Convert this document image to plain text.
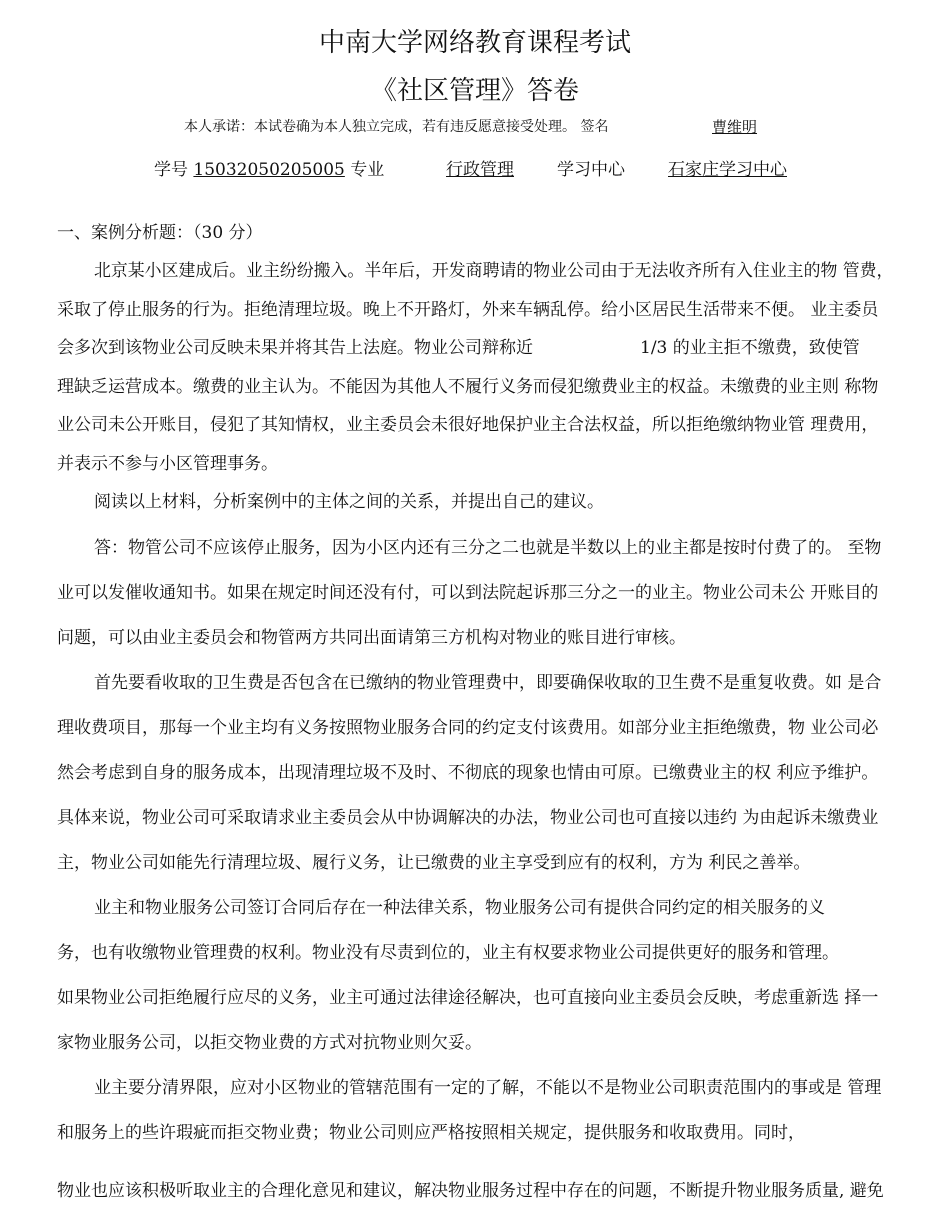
中南大学网络教育课程考试
《社区管理》答卷
本人承诺：本试卷确为本人独立完成，若有违反愿意接受处理。 签名	曹维明
学号 15032050205005 专业	行政管理	学习中心	石家庄学习中心
一、案例分析题：（30 分）
北京某小区建成后。业主纷纷搬入。半年后，开发商聘请的物业公司由于无法收齐所有入住业主的物 管费，
采取了停止服务的行为。拒绝清理垃圾。晚上不开路灯，外来车辆乱停。给小区居民生活带来不便。 业主委员
会多次到该物业公司反映未果并将其告上法庭。物业公司辩称近	1/3 的业主拒不缴费，致使管
理缺乏运营成本。缴费的业主认为。不能因为其他人不履行义务而侵犯缴费业主的权益。未缴费的业主则 称物
业公司未公开账目，侵犯了其知情权，业主委员会未很好地保护业主合法权益，所以拒绝缴纳物业管 理费用，
并表示不参与小区管理事务。
阅读以上材料，分析案例中的主体之间的关系，并提出自己的建议。
答：物管公司不应该停止服务，因为小区内还有三分之二也就是半数以上的业主都是按时付费了的。 至物
业可以发催收通知书。如果在规定时间还没有付，可以到法院起诉那三分之一的业主。物业公司未公 开账目的
问题，可以由业主委员会和物管两方共同出面请第三方机构对物业的账目进行审核。
首先要看收取的卫生费是否包含在已缴纳的物业管理费中，即要确保收取的卫生费不是重复收费。如 是合
理收费项目，那每一个业主均有义务按照物业服务合同的约定支付该费用。如部分业主拒绝缴费，物 业公司必
然会考虑到自身的服务成本，出现清理垃圾不及时、不彻底的现象也情由可原。已缴费业主的权 利应予维护。
具体来说，物业公司可采取请求业主委员会从中协调解决的办法，物业公司也可直接以违约 为由起诉未缴费业
主，物业公司如能先行清理垃圾、履行义务，让已缴费的业主享受到应有的权利，方为 利民之善举。
业主和物业服务公司签订合同后存在一种法律关系，物业服务公司有提供合同约定的相关服务的义
务，也有收缴物业管理费的权利。物业没有尽责到位的，业主有权要求物业公司提供更好的服务和管理。
如果物业公司拒绝履行应尽的义务，业主可通过法律途径解决，也可直接向业主委员会反映，考虑重新选 择一
家物业服务公司，以拒交物业费的方式对抗物业则欠妥。
业主要分清界限，应对小区物业的管辖范围有一定的了解，不能以不是物业公司职责范围内的事或是 管理
和服务上的些许瑕疵而拒交物业费；物业公司则应严格按照相关规定，提供服务和收取费用。同时，
物业也应该积极听取业主的合理化意见和建议，解决物业服务过程中存在的问题，不断提升物业服务质量, 避免
